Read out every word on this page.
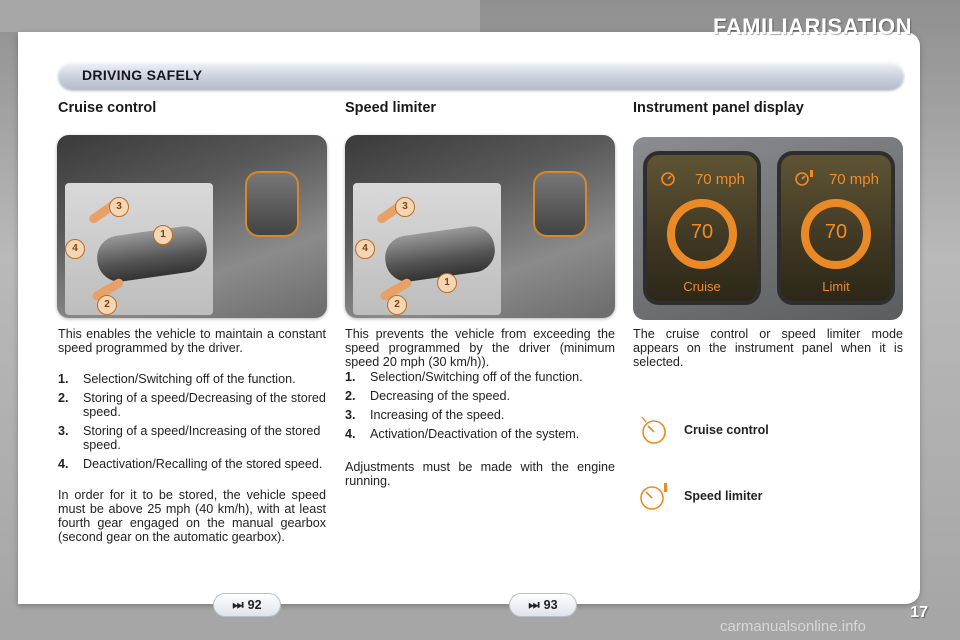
FAMILIARISATION
DRIVING SAFELY
Cruise control	Speed limiter	Instrument panel display
3
1
4
2
3
4
1
2
70 mph
70
Cruise
70 mph
70
Limit
This enables the vehicle to maintain a constant speed programmed by the driver.
1. Selection/Switching off of the function.
2. Storing of a speed/Decreasing of the stored speed.
3. Storing of a speed/Increasing of the stored speed.
4. Deactivation/Recalling of the stored speed.
In order for it to be stored, the vehicle speed must be above 25 mph (40 km/h), with at least fourth gear engaged on the manual gearbox (second gear on the automatic gearbox).
This prevents the vehicle from exceeding the speed programmed by the driver (minimum speed 20 mph (30 km/h)).
1. Selection/Switching off of the function.
2. Decreasing of the speed.
3. Increasing of the speed.
4. Activation/Deactivation of the system.
Adjustments must be made with the engine running.
The cruise control or speed limiter mode appears on the instrument panel when it is selected.
Cruise control
Speed limiter
⏭ 92	⏭ 93	17
carmanualsonline.info
